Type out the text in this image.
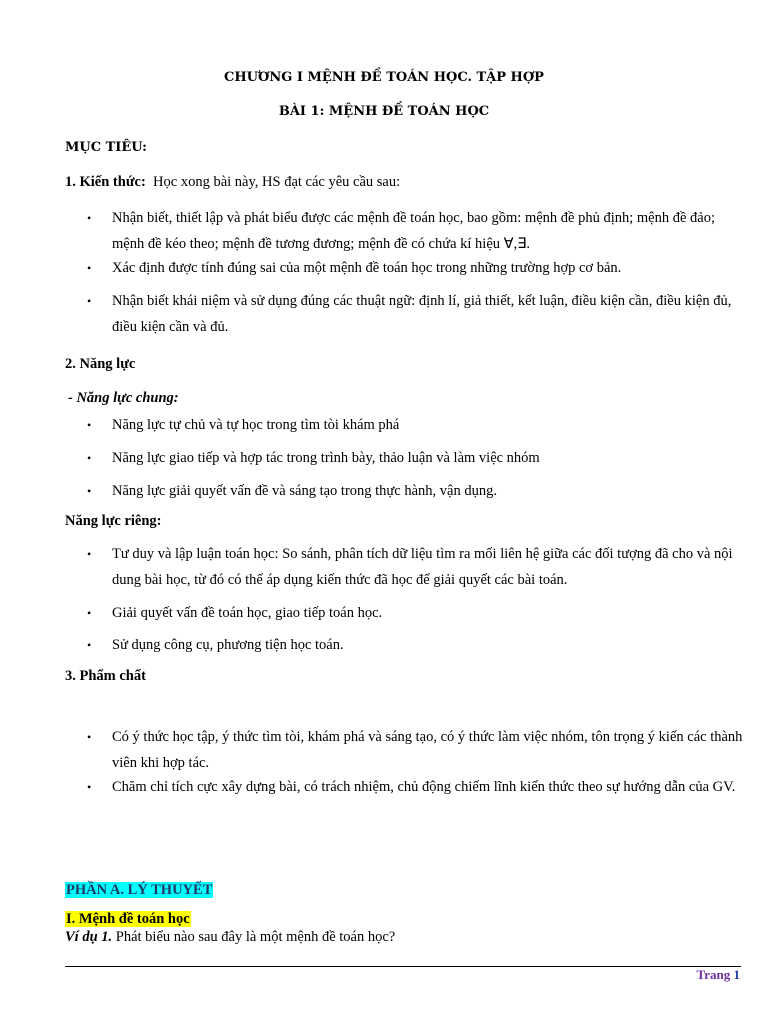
CHƯƠNG I MỆNH ĐỀ TOÁN HỌC. TẬP HỢP
BÀI 1: MỆNH ĐỀ TOÁN HỌC
MỤC TIÊU:
1. Kiến thức: Học xong bài này, HS đạt các yêu cầu sau:
• Nhận biết, thiết lập và phát biểu được các mệnh đề toán học, bao gồm: mệnh đề phủ định; mệnh đề đảo; mệnh đề kéo theo; mệnh đề tương đương; mệnh đề có chứa kí hiệu ∀,∃.
• Xác định được tính đúng sai của một mệnh đề toán học trong những trường hợp cơ bản.
• Nhận biết khái niệm và sử dụng đúng các thuật ngữ: định lí, giả thiết, kết luận, điều kiện cần, điều kiện đủ, điều kiện cần và đủ.
2. Năng lực
- Năng lực chung:
• Năng lực tự chủ và tự học trong tìm tòi khám phá
• Năng lực giao tiếp và hợp tác trong trình bày, thảo luận và làm việc nhóm
• Năng lực giải quyết vấn đề và sáng tạo trong thực hành, vận dụng.
Năng lực riêng:
• Tư duy và lập luận toán học: So sánh, phân tích dữ liệu tìm ra mối liên hệ giữa các đối tượng đã cho và nội dung bài học, từ đó có thể áp dụng kiến thức đã học để giải quyết các bài toán.
• Giải quyết vấn đề toán học, giao tiếp toán học.
• Sử dụng công cụ, phương tiện học toán.
3. Phẩm chất
• Có ý thức học tập, ý thức tìm tòi, khám phá và sáng tạo, có ý thức làm việc nhóm, tôn trọng ý kiến các thành viên khi hợp tác.
• Chăm chỉ tích cực xây dựng bài, có trách nhiệm, chủ động chiếm lĩnh kiến thức theo sự hướng dẫn của GV.
PHẦN A. LÝ THUYẾT
I. Mệnh đề toán học
Ví dụ 1. Phát biểu nào sau đây là một mệnh đề toán học?
Trang 1
